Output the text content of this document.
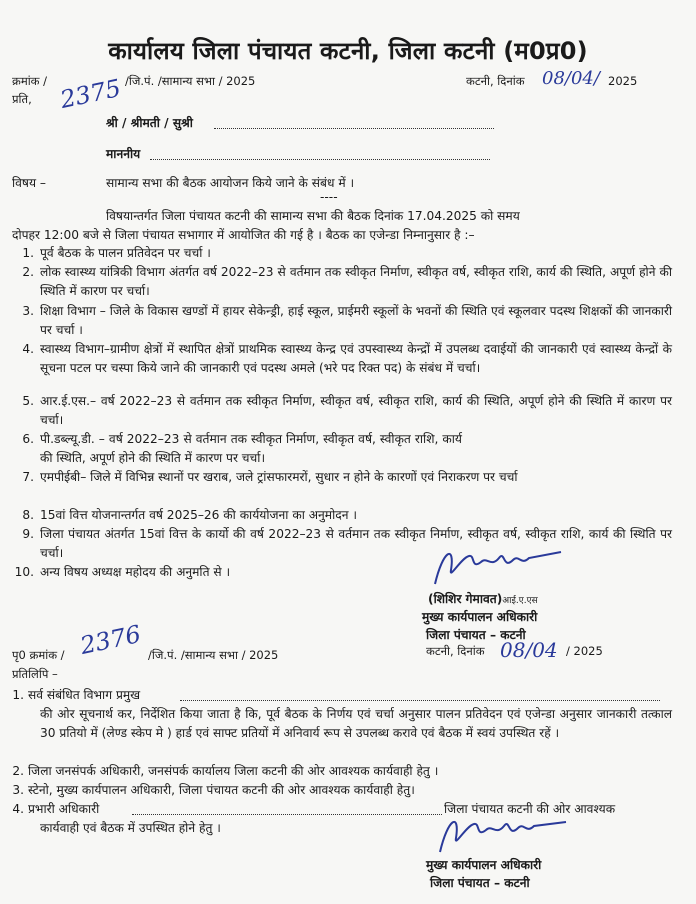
कार्यालय जिला पंचायत कटनी, जिला कटनी (म0प्र0)
क्रमांक / 2375 /जि.पं. /सामान्य सभा / 2025	कटनी, दिनांक 08/04/ 2025
प्रति,
श्री / श्रीमती / सुश्री
माननीय
विषय –	सामान्य सभा की बैठक आयोजन किये जाने के संबंध में ।
----
विषयान्तर्गत जिला पंचायत कटनी की सामान्य सभा की बैठक दिनांक 17.04.2025 को समय
दोपहर 12:00 बजे से जिला पंचायत सभागार में आयोजित की गई है । बैठक का एजेन्डा निम्नानुसार है :–
1. पूर्व बैठक के पालन प्रतिवेदन पर चर्चा ।
2. लोक स्वास्थ्य यांत्रिकी विभाग अंतर्गत वर्ष 2022–23 से वर्तमान तक स्वीकृत निर्माण, स्वीकृत वर्ष, स्वीकृत राशि, कार्य की स्थिति, अपूर्ण होने की स्थिति में कारण पर चर्चा।
3. शिक्षा विभाग – जिले के विकास खण्डों में हायर सेकेन्ड्री, हाई स्कूल, प्राईमरी स्कूलों के भवनों की स्थिति एवं स्कूलवार पदस्थ शिक्षकों की जानकारी पर चर्चा ।
4. स्वास्थ्य विभाग–ग्रामीण क्षेत्रों में स्थापित क्षेत्रों प्राथमिक स्वास्थ्य केन्द्र एवं उपस्वास्थ्य केन्द्रों में उपलब्ध दवाईयों की जानकारी एवं स्वास्थ्य केन्द्रों के सूचना पटल पर चस्पा किये जाने की जानकारी एवं पदस्थ अमले (भरे पद रिक्त पद) के संबंध में चर्चा।
5. आर.ई.एस.– वर्ष 2022–23 से वर्तमान तक स्वीकृत निर्माण, स्वीकृत वर्ष, स्वीकृत राशि, कार्य की स्थिति, अपूर्ण होने की स्थिति में कारण पर चर्चा।
6. पी.डब्ल्यू.डी. – वर्ष 2022–23 से वर्तमान तक स्वीकृत निर्माण, स्वीकृत वर्ष, स्वीकृत राशि, कार्य की स्थिति, अपूर्ण होने की स्थिति में कारण पर चर्चा।
7. एमपीईबी– जिले में विभिन्न स्थानों पर खराब, जले ट्रांसफारमरों, सुधार न होने के कारणों एवं निराकरण पर चर्चा
8. 15वां वित्त योजनान्तर्गत वर्ष 2025–26 की कार्ययोजना का अनुमोदन ।
9. जिला पंचायत अंतर्गत 15वां वित्त के कार्यो की वर्ष 2022–23 से वर्तमान तक स्वीकृत निर्माण, स्वीकृत वर्ष, स्वीकृत राशि, कार्य की स्थिति पर चर्चा।
10. अन्य विषय अध्यक्ष महोदय की अनुमति से ।
Shishir
(शिशिर गेमावत)आई.ए.एस
मुख्य कार्यपालन अधिकारी
जिला पंचायत – कटनी
पृ0 क्रमांक / 2376 /जि.पं. /सामान्य सभा / 2025	कटनी, दिनांक 08/04 / 2025
प्रतिलिपि –
1. सर्व संबंधित विभाग प्रमुख
की ओर सूचनार्थ कर, निर्देशित किया जाता है कि, पूर्व बैठक के निर्णय एवं चर्चा अनुसार पालन प्रतिवेदन एवं एजेन्डा अनुसार जानकारी तत्काल 30 प्रतियो में (लेण्ड स्केप मे ) हार्ड एवं साफ्ट प्रतियों में अनिवार्य रूप से उपलब्ध करावे एवं बैठक में स्वयं उपस्थित रहें ।
2. जिला जनसंपर्क अधिकारी, जनसंपर्क कार्यालय जिला कटनी की ओर आवश्यक कार्यवाही हेतु ।
3. स्टेनो, मुख्य कार्यपालन अधिकारी, जिला पंचायत कटनी की ओर आवश्यक कार्यवाही हेतु।
4. प्रभारी अधिकारी	जिला पंचायत कटनी की ओर आवश्यक
कार्यवाही एवं बैठक में उपस्थित होने हेतु ।	Shishir
मुख्य कार्यपालन अधिकारी
जिला पंचायत – कटनी
